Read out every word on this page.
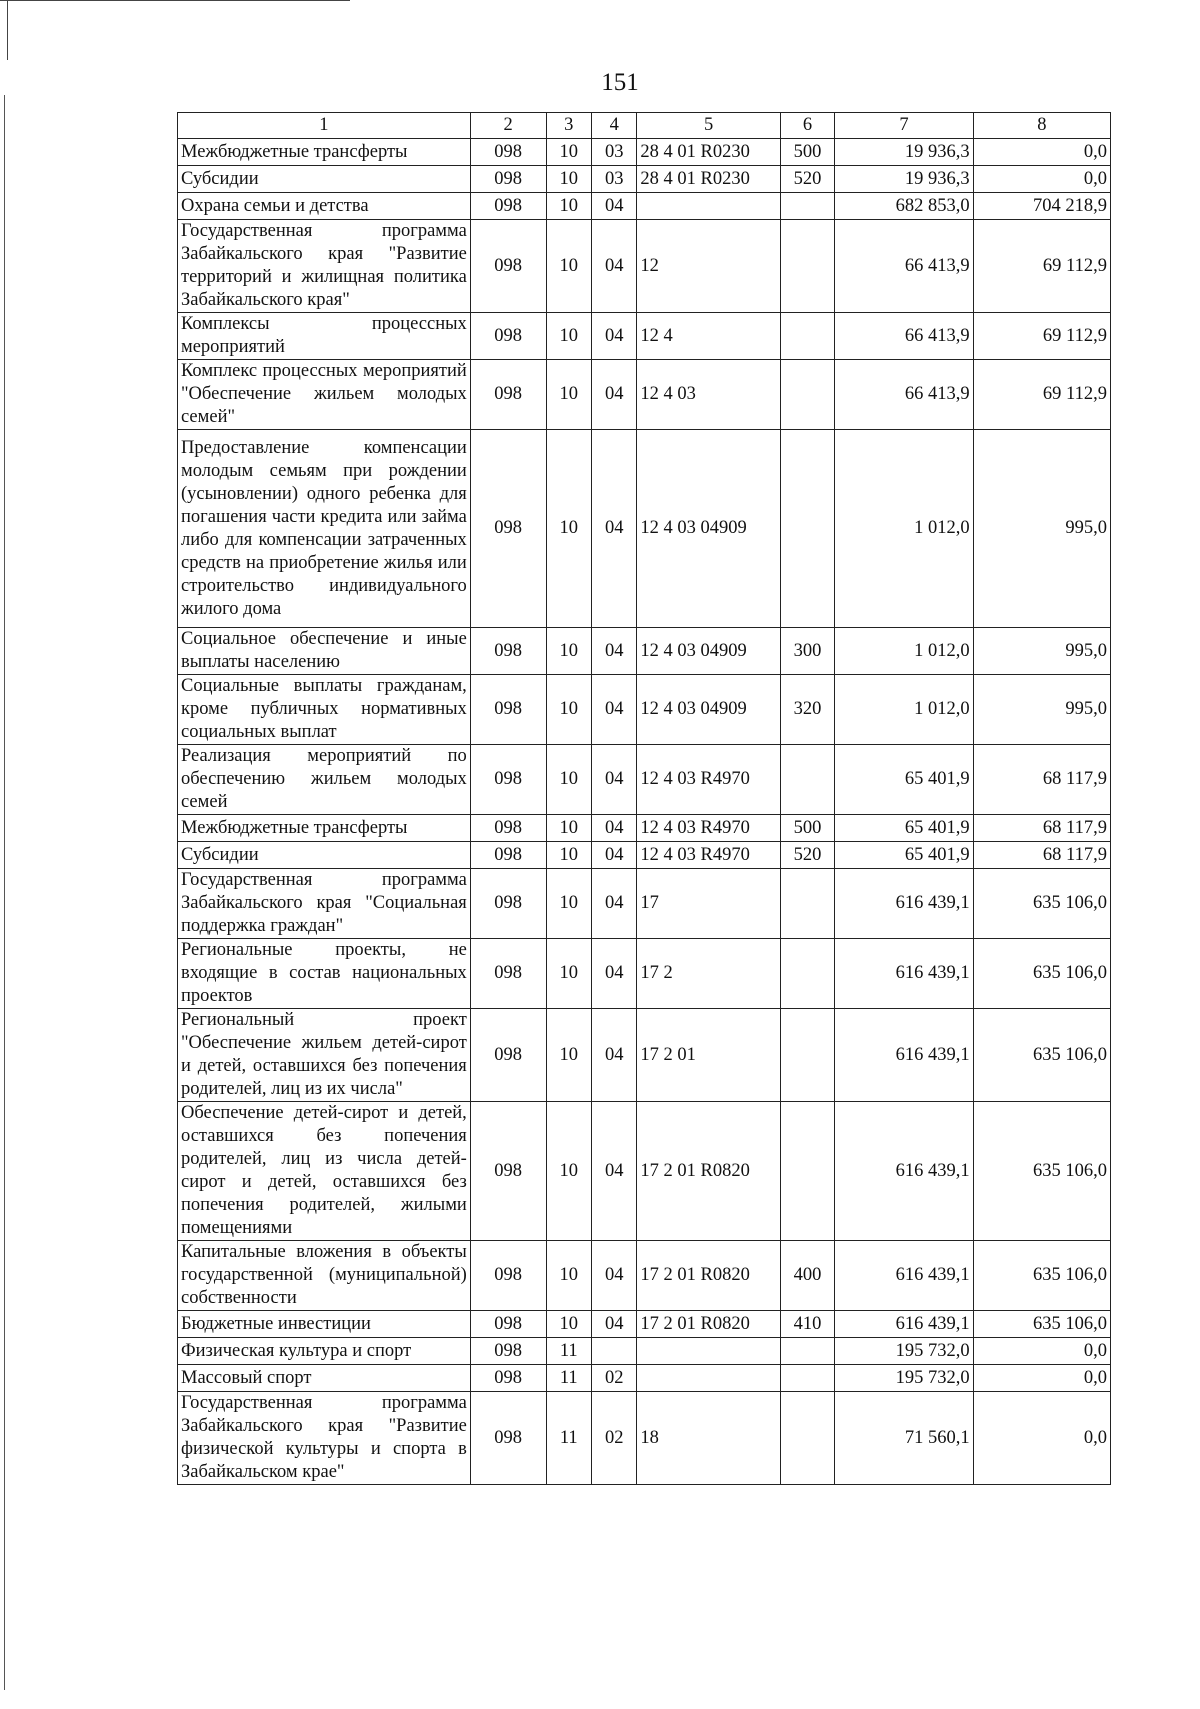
151
1	2	3	4	5	6	7	8
Межбюджетные трансферты	098	10	03	28 4 01 R0230	500	19 936,3	0,0
Субсидии	098	10	03	28 4 01 R0230	520	19 936,3	0,0
Охрана семьи и детства	098	10	04			682 853,0	704 218,9
Государственная программа Забайкальского края "Развитие территорий и жилищная политика Забайкальского края"	098	10	04	12		66 413,9	69 112,9
Комплексы процессных мероприятий	098	10	04	12 4		66 413,9	69 112,9
Комплекс процессных мероприятий "Обеспечение жильем молодых семей"	098	10	04	12 4 03		66 413,9	69 112,9
Предоставление компенсации молодым семьям при рождении (усыновлении) одного ребенка для погашения части кредита или займа либо для компенсации затраченных средств на приобретение жилья или строительство индивидуального жилого дома	098	10	04	12 4 03 04909		1 012,0	995,0
Социальное обеспечение и иные выплаты населению	098	10	04	12 4 03 04909	300	1 012,0	995,0
Социальные выплаты гражданам, кроме публичных нормативных социальных выплат	098	10	04	12 4 03 04909	320	1 012,0	995,0
Реализация мероприятий по обеспечению жильем молодых семей	098	10	04	12 4 03 R4970		65 401,9	68 117,9
Межбюджетные трансферты	098	10	04	12 4 03 R4970	500	65 401,9	68 117,9
Субсидии	098	10	04	12 4 03 R4970	520	65 401,9	68 117,9
Государственная программа Забайкальского края "Социальная поддержка граждан"	098	10	04	17		616 439,1	635 106,0
Региональные проекты, не входящие в состав национальных проектов	098	10	04	17 2		616 439,1	635 106,0
Региональный проект "Обеспечение жильем детей-сирот и детей, оставшихся без попечения родителей, лиц из их числа"	098	10	04	17 2 01		616 439,1	635 106,0
Обеспечение детей-сирот и детей, оставшихся без попечения родителей, лиц из числа детей-сирот и детей, оставшихся без попечения родителей, жилыми помещениями	098	10	04	17 2 01 R0820		616 439,1	635 106,0
Капитальные вложения в объекты государственной (муниципальной) собственности	098	10	04	17 2 01 R0820	400	616 439,1	635 106,0
Бюджетные инвестиции	098	10	04	17 2 01 R0820	410	616 439,1	635 106,0
Физическая культура и спорт	098	11				195 732,0	0,0
Массовый спорт	098	11	02			195 732,0	0,0
Государственная программа Забайкальского края "Развитие физической культуры и спорта в Забайкальском крае"	098	11	02	18		71 560,1	0,0
